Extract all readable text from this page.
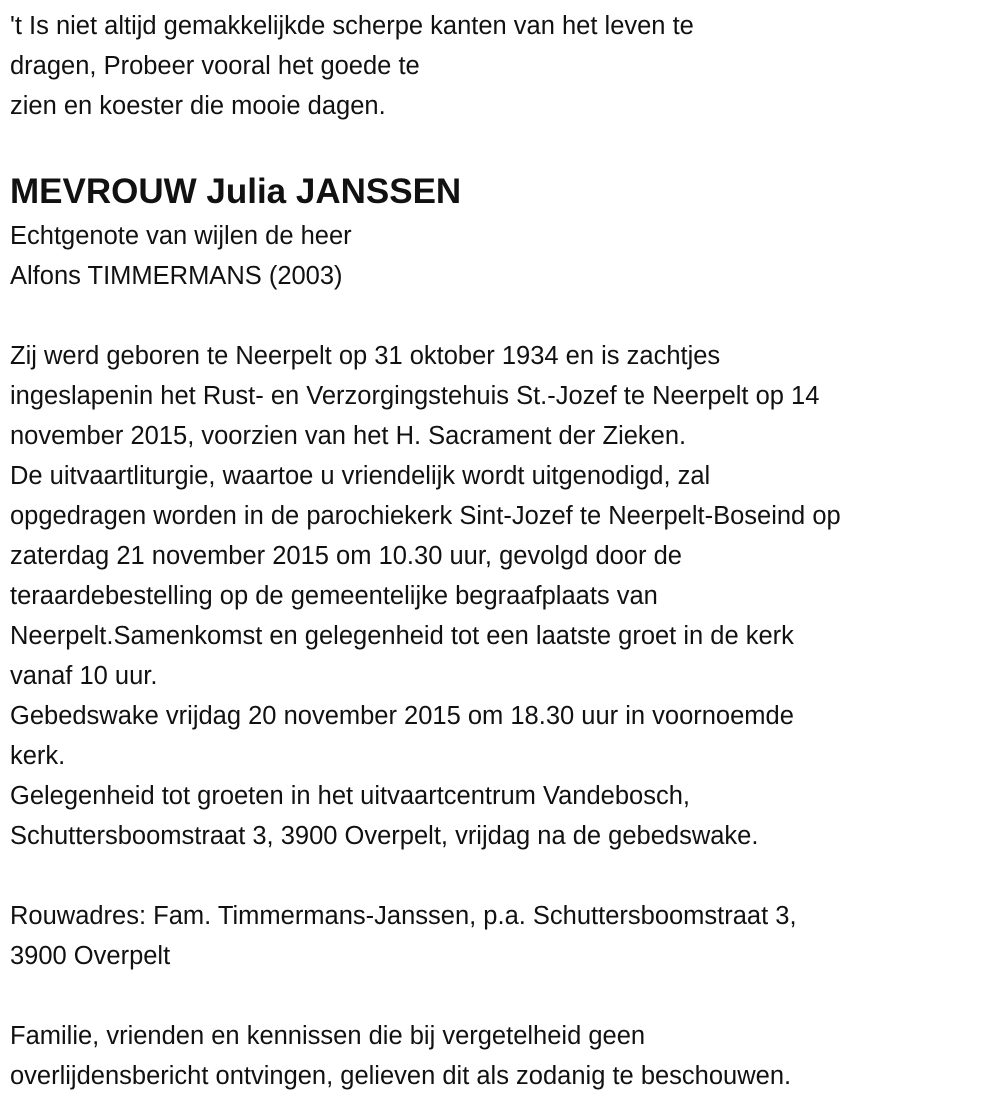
't Is niet altijd gemakkelijkde scherpe kanten van het leven te
dragen, Probeer vooral het goede te
zien en koester die mooie dagen.
MEVROUW Julia JANSSEN
Echtgenote van wijlen de heer
Alfons TIMMERMANS (2003)
Zij werd geboren te Neerpelt op 31 oktober 1934 en is zachtjes
ingeslapenin het Rust- en Verzorgingstehuis St.-Jozef te Neerpelt op 14
november 2015, voorzien van het H. Sacrament der Zieken.
De uitvaartliturgie, waartoe u vriendelijk wordt uitgenodigd, zal
opgedragen worden in de parochiekerk Sint-Jozef te Neerpelt-Boseind op
zaterdag 21 november 2015 om 10.30 uur, gevolgd door de
teraardebestelling op de gemeentelijke begraafplaats van
Neerpelt.Samenkomst en gelegenheid tot een laatste groet in de kerk
vanaf 10 uur.
Gebedswake vrijdag 20 november 2015 om 18.30 uur in voornoemde
kerk.
Gelegenheid tot groeten in het uitvaartcentrum Vandebosch,
Schuttersboomstraat 3, 3900 Overpelt, vrijdag na de gebedswake.
Rouwadres: Fam. Timmermans-Janssen, p.a. Schuttersboomstraat 3,
3900 Overpelt
Familie, vrienden en kennissen die bij vergetelheid geen
overlijdensbericht ontvingen, gelieven dit als zodanig te beschouwen.
